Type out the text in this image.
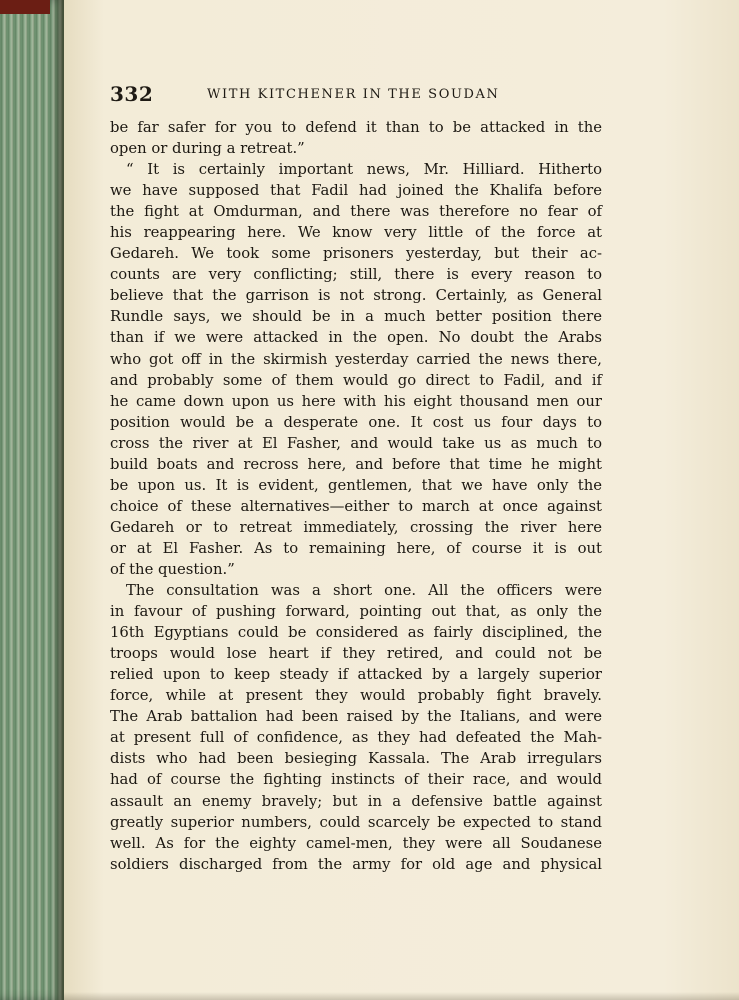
332	WITH KITCHENER IN THE SOUDAN
be far safer for you to defend it than to be attacked in the
open or during a retreat.”
“ It is certainly important news, Mr. Hilliard. Hitherto
we have supposed that Fadil had joined the Khalifa before
the fight at Omdurman, and there was therefore no fear of
his reappearing here. We know very little of the force at
Gedareh. We took some prisoners yesterday, but their ac-
counts are very conflicting; still, there is every reason to
believe that the garrison is not strong. Certainly, as General
Rundle says, we should be in a much better position there
than if we were attacked in the open. No doubt the Arabs
who got off in the skirmish yesterday carried the news there,
and probably some of them would go direct to Fadil, and if
he came down upon us here with his eight thousand men our
position would be a desperate one. It cost us four days to
cross the river at El Fasher, and would take us as much to
build boats and recross here, and before that time he might
be upon us. It is evident, gentlemen, that we have only the
choice of these alternatives—either to march at once against
Gedareh or to retreat immediately, crossing the river here
or at El Fasher. As to remaining here, of course it is out
of the question.”
The consultation was a short one. All the officers were
in favour of pushing forward, pointing out that, as only the
16th Egyptians could be considered as fairly disciplined, the
troops would lose heart if they retired, and could not be
relied upon to keep steady if attacked by a largely superior
force, while at present they would probably fight bravely.
The Arab battalion had been raised by the Italians, and were
at present full of confidence, as they had defeated the Mah-
dists who had been besieging Kassala. The Arab irregulars
had of course the fighting instincts of their race, and would
assault an enemy bravely; but in a defensive battle against
greatly superior numbers, could scarcely be expected to stand
well. As for the eighty camel-men, they were all Soudanese
soldiers discharged from the army for old age and physical
